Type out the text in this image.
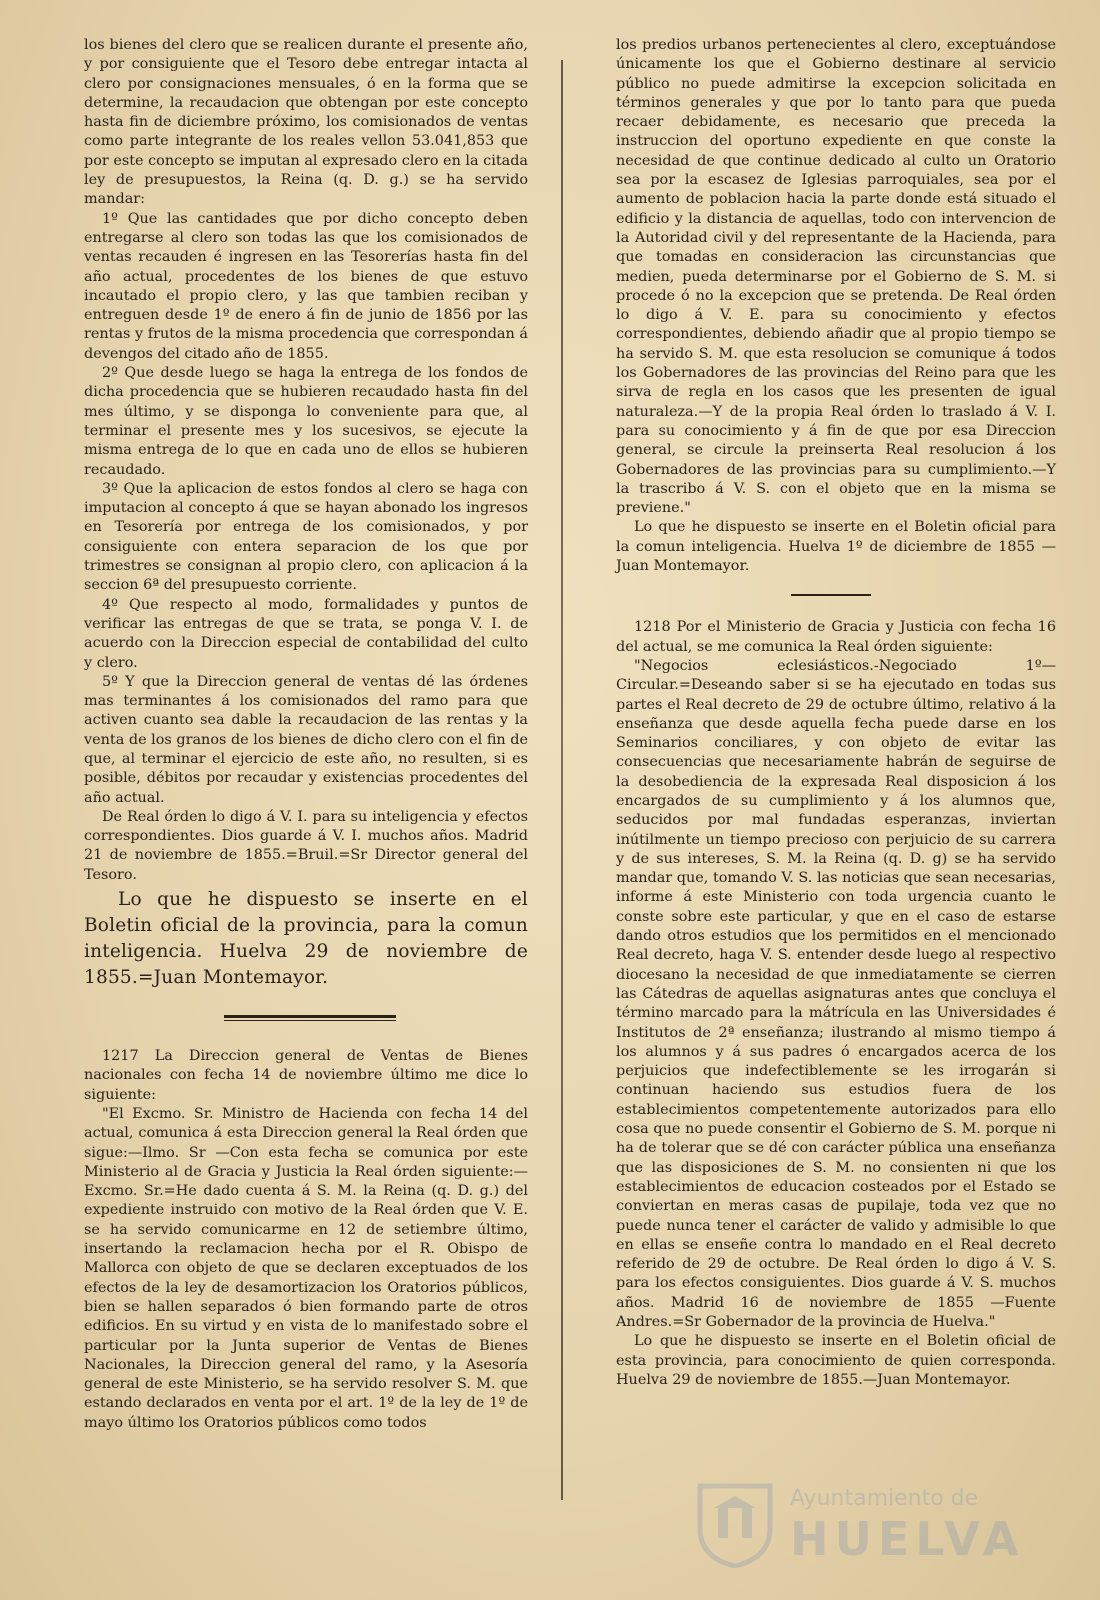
los bienes del clero que se realicen durante el presente año, y por consiguiente que el Tesoro debe entregar intacta al clero por consignaciones mensuales, ó en la forma que se determine, la recaudacion que obtengan por este concepto hasta fin de diciembre próximo, los comisionados de ventas como parte integrante de los reales vellon 53.041,853 que por este concepto se imputan al expresado clero en la citada ley de presupuestos, la Reina (q. D. g.) se ha servido mandar:

1º Que las cantidades que por dicho concepto deben entregarse al clero son todas las que los comisionados de ventas recauden é ingresen en las Tesorerías hasta fin del año actual, procedentes de los bienes de que estuvo incautado el propio clero, y las que tambien reciban y entreguen desde 1º de enero á fin de junio de 1856 por las rentas y frutos de la misma procedencia que correspondan á devengos del citado año de 1855.

2º Que desde luego se haga la entrega de los fondos de dicha procedencia que se hubieren recaudado hasta fin del mes último, y se disponga lo conveniente para que, al terminar el presente mes y los sucesivos, se ejecute la misma entrega de lo que en cada uno de ellos se hubieren recaudado.

3º Que la aplicacion de estos fondos al clero se haga con imputacion al concepto á que se hayan abonado los ingresos en Tesorería por entrega de los comisionados, y por consiguiente con entera separacion de los que por trimestres se consignan al propio clero, con aplicacion á la seccion 6ª del presupuesto corriente.

4º Que respecto al modo, formalidades y puntos de verificar las entregas de que se trata, se ponga V. I. de acuerdo con la Direccion especial de contabilidad del culto y clero.

5º Y que la Direccion general de ventas dé las órdenes mas terminantes á los comisionados del ramo para que activen cuanto sea dable la recaudacion de las rentas y la venta de los granos de los bienes de dicho clero con el fin de que, al terminar el ejercicio de este año, no resulten, si es posible, débitos por recaudar y existencias procedentes del año actual.

De Real órden lo digo á V. I. para su inteligencia y efectos correspondientes. Dios guarde á V. I. muchos años. Madrid 21 de noviembre de 1855.=Bruil.=Sr Director general del Tesoro.

Lo que he dispuesto se inserte en el Boletin oficial de la provincia, para la comun inteligencia. Huelva 29 de noviembre de 1855.=Juan Montemayor.

1217 La Direccion general de Ventas de Bienes nacionales con fecha 14 de noviembre último me dice lo siguiente:

"El Excmo. Sr. Ministro de Hacienda con fecha 14 del actual, comunica á esta Direccion general la Real órden que sigue:—Ilmo. Sr —Con esta fecha se comunica por este Ministerio al de Gracia y Justicia la Real órden siguiente:—Excmo. Sr.=He dado cuenta á S. M. la Reina (q. D. g.) del expediente instruido con motivo de la Real órden que V. E. se ha servido comunicarme en 12 de setiembre último, insertando la reclamacion hecha por el R. Obispo de Mallorca con objeto de que se declaren exceptuados de los efectos de la ley de desamortizacion los Oratorios públicos, bien se hallen separados ó bien formando parte de otros edificios. En su virtud y en vista de lo manifestado sobre el particular por la Junta superior de Ventas de Bienes Nacionales, la Direccion general del ramo, y la Asesoría general de este Ministerio, se ha servido resolver S. M. que estando declarados en venta por el art. 1º de la ley de 1º de mayo último los Oratorios públicos como todos

los predios urbanos pertenecientes al clero, exceptuándose únicamente los que el Gobierno destinare al servicio público no puede admitirse la excepcion solicitada en términos generales y que por lo tanto para que pueda recaer debidamente, es necesario que preceda la instruccion del oportuno expediente en que conste la necesidad de que continue dedicado al culto un Oratorio sea por la escasez de Iglesias parroquiales, sea por el aumento de poblacion hacia la parte donde está situado el edificio y la distancia de aquellas, todo con intervencion de la Autoridad civil y del representante de la Hacienda, para que tomadas en consideracion las circunstancias que medien, pueda determinarse por el Gobierno de S. M. si procede ó no la excepcion que se pretenda. De Real órden lo digo á V. E. para su conocimiento y efectos correspondientes, debiendo añadir que al propio tiempo se ha servido S. M. que esta resolucion se comunique á todos los Gobernadores de las provincias del Reino para que les sirva de regla en los casos que les presenten de igual naturaleza.—Y de la propia Real órden lo traslado á V. I. para su conocimiento y á fin de que por esa Direccion general, se circule la preinserta Real resolucion á los Gobernadores de las provincias para su cumplimiento.—Y la trascribo á V. S. con el objeto que en la misma se previene."

Lo que he dispuesto se inserte en el Boletin oficial para la comun inteligencia. Huelva 1º de diciembre de 1855 —Juan Montemayor.

1218 Por el Ministerio de Gracia y Justicia con fecha 16 del actual, se me comunica la Real órden siguiente:

"Negocios eclesiásticos.-Negociado 1º—Circular.=Deseando saber si se ha ejecutado en todas sus partes el Real decreto de 29 de octubre último, relativo á la enseñanza que desde aquella fecha puede darse en los Seminarios conciliares, y con objeto de evitar las consecuencias que necesariamente habrán de seguirse de la desobediencia de la expresada Real disposicion á los encargados de su cumplimiento y á los alumnos que, seducidos por mal fundadas esperanzas, inviertan inútilmente un tiempo precioso con perjuicio de su carrera y de sus intereses, S. M. la Reina (q. D. g) se ha servido mandar que, tomando V. S. las noticias que sean necesarias, informe á este Ministerio con toda urgencia cuanto le conste sobre este particular, y que en el caso de estarse dando otros estudios que los permitidos en el mencionado Real decreto, haga V. S. entender desde luego al respectivo diocesano la necesidad de que inmediatamente se cierren las Cátedras de aquellas asignaturas antes que concluya el término marcado para la mátrícula en las Universidades é Institutos de 2ª enseñanza; ilustrando al mismo tiempo á los alumnos y á sus padres ó encargados acerca de los perjuicios que indefectiblemente se les irrogarán si continuan haciendo sus estudios fuera de los establecimientos competentemente autorizados para ello cosa que no puede consentir el Gobierno de S. M. porque ni ha de tolerar que se dé con carácter pública una enseñanza que las disposiciones de S. M. no consienten ni que los establecimientos de educacion costeados por el Estado se conviertan en meras casas de pupilaje, toda vez que no puede nunca tener el carácter de valido y admisible lo que en ellas se enseñe contra lo mandado en el Real decreto referido de 29 de octubre. De Real órden lo digo á V. S. para los efectos consiguientes. Dios guarde á V. S. muchos años. Madrid 16 de noviembre de 1855 —Fuente Andres.=Sr Gobernador de la provincia de Huelva."

Lo que he dispuesto se inserte en el Boletin oficial de esta provincia, para conocimiento de quien corresponda. Huelva 29 de noviembre de 1855.—Juan Montemayor.

Ayuntamiento de
HUELVA
